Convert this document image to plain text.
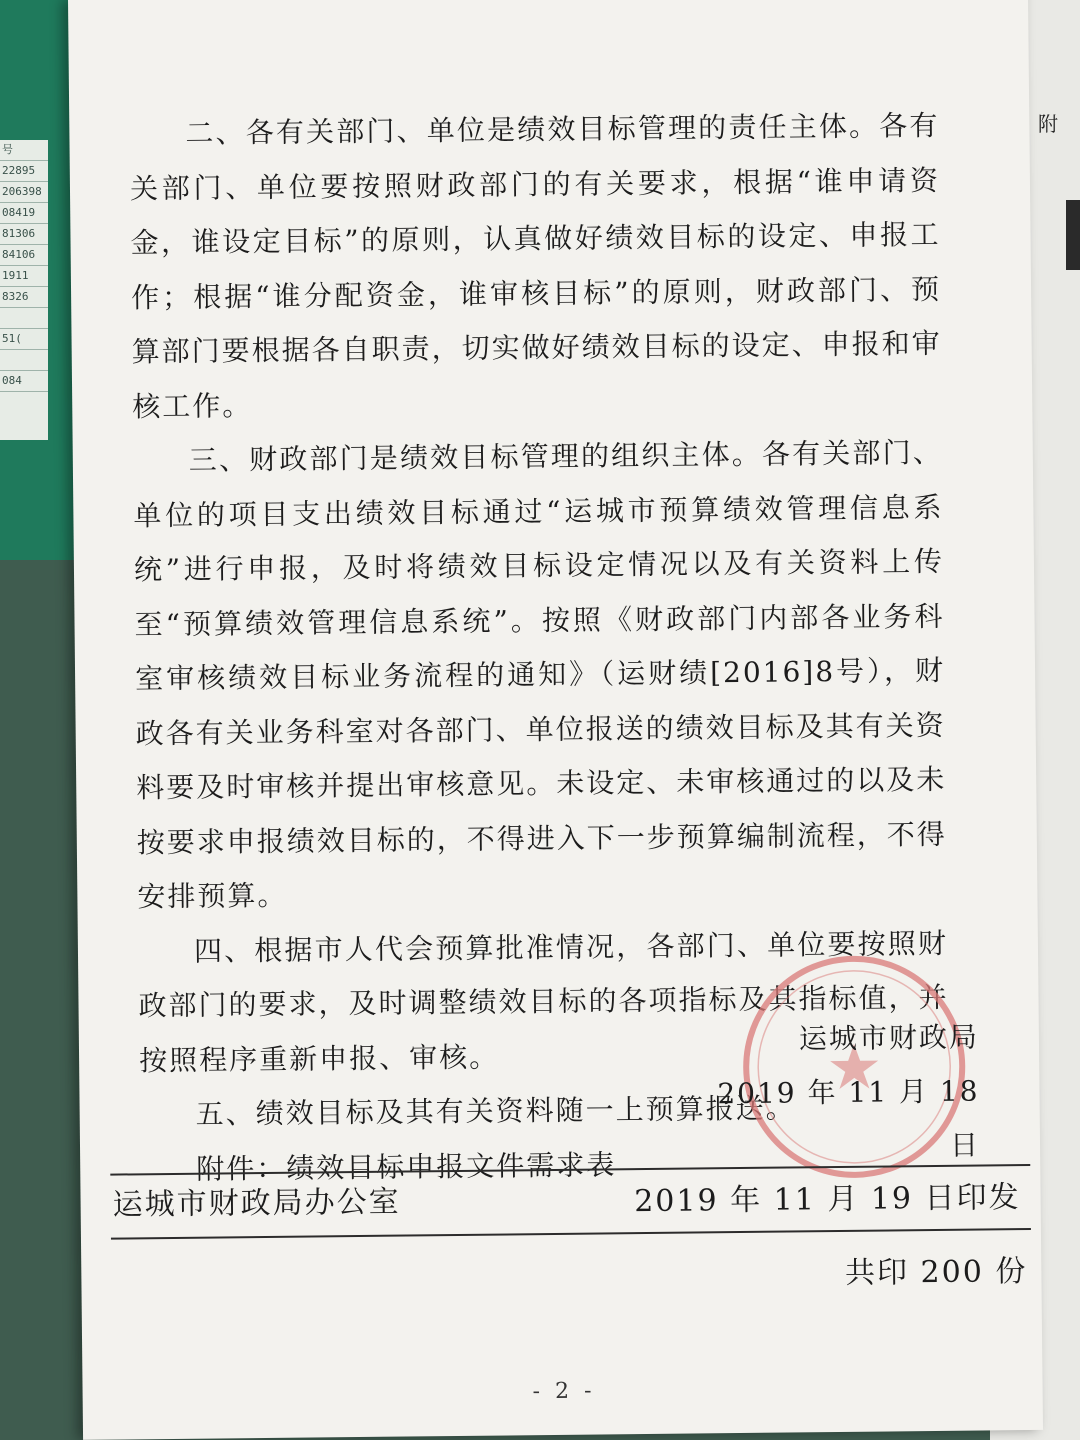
号
22895
206398
08419
81306
84106
1911
8326
51(
084
附

二、各有关部门、单位是绩效目标管理的责任主体。各有关部门、单位要按照财政部门的有关要求，根据“谁申请资金，谁设定目标”的原则，认真做好绩效目标的设定、申报工作；根据“谁分配资金，谁审核目标”的原则，财政部门、预算部门要根据各自职责，切实做好绩效目标的设定、申报和审核工作。

三、财政部门是绩效目标管理的组织主体。各有关部门、单位的项目支出绩效目标通过“运城市预算绩效管理信息系统”进行申报，及时将绩效目标设定情况以及有关资料上传至“预算绩效管理信息系统”。按照《财政部门内部各业务科室审核绩效目标业务流程的通知》（运财绩[2016]8号），财政各有关业务科室对各部门、单位报送的绩效目标及其有关资料要及时审核并提出审核意见。未设定、未审核通过的以及未按要求申报绩效目标的，不得进入下一步预算编制流程，不得安排预算。

四、根据市人代会预算批准情况，各部门、单位要按照财政部门的要求，及时调整绩效目标的各项指标及其指标值，并按照程序重新申报、审核。

五、绩效目标及其有关资料随一上预算报送。

附件：绩效目标申报文件需求表

运城市财政局
2019 年 11 月 18 日
运城市财政局办公室	2019 年 11 月 19 日印发
共印 200 份
- 2 -
